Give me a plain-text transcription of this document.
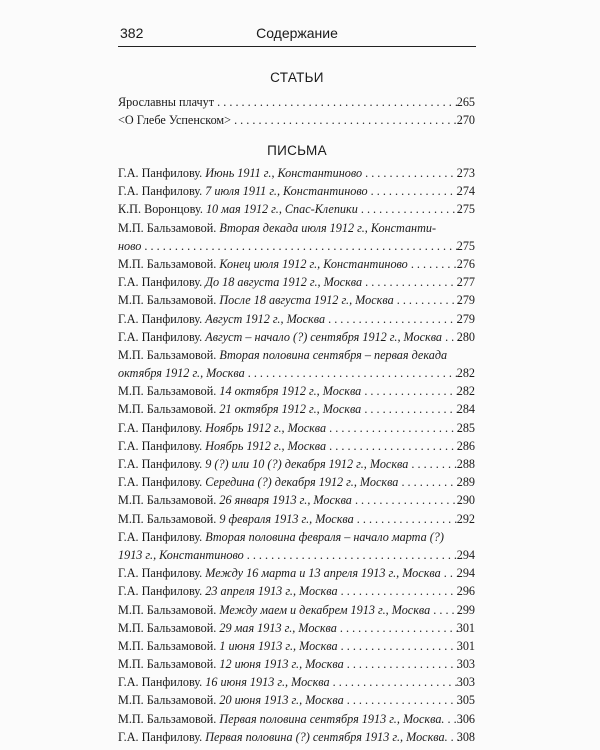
382	Содержание
СТАТЬИ
Ярославны плачут . . .	265
<О Глебе Успенском> . . .	270
ПИСЬМА
Г.А. Панфилову. Июнь 1911 г., Константиново . . .	273
Г.А. Панфилову. 7 июля 1911 г., Константиново . . .	274
К.П. Воронцову. 10 мая 1912 г., Спас-Клепики . . .	275
М.П. Бальзамовой. Вторая декада июля 1912 г., Константи-
ново . . .	275
М.П. Бальзамовой. Конец июля 1912 г., Константиново . . .	276
Г.А. Панфилову. До 18 августа 1912 г., Москва . . .	277
М.П. Бальзамовой. После 18 августа 1912 г., Москва . . .	279
Г.А. Панфилову. Август 1912 г., Москва . . .	279
Г.А. Панфилову. Август – начало (?) сентября 1912 г., Москва . . .	280
М.П. Бальзамовой. Вторая половина сентября – первая декада
октября 1912 г., Москва . . .	282
М.П. Бальзамовой. 14 октября 1912 г., Москва . . .	282
М.П. Бальзамовой. 21 октября 1912 г., Москва . . .	284
Г.А. Панфилову. Ноябрь 1912 г., Москва . . .	285
Г.А. Панфилову. Ноябрь 1912 г., Москва . . .	286
Г.А. Панфилову. 9 (?) или 10 (?) декабря 1912 г., Москва . . .	288
Г.А. Панфилову. Середина (?) декабря 1912 г., Москва . . .	289
М.П. Бальзамовой. 26 января 1913 г., Москва . . .	290
М.П. Бальзамовой. 9 февраля 1913 г., Москва . . .	292
Г.А. Панфилову. Вторая половина февраля – начало марта (?)
1913 г., Константиново . . .	294
Г.А. Панфилову. Между 16 марта и 13 апреля 1913 г., Москва . . .	294
Г.А. Панфилову. 23 апреля 1913 г., Москва . . .	296
М.П. Бальзамовой. Между маем и декабрем 1913 г., Москва . . .	299
М.П. Бальзамовой. 29 мая 1913 г., Москва . . .	301
М.П. Бальзамовой. 1 июня 1913 г., Москва . . .	301
М.П. Бальзамовой. 12 июня 1913 г., Москва . . .	303
Г.А. Панфилову. 16 июня 1913 г., Москва . . .	303
М.П. Бальзамовой. 20 июня 1913 г., Москва . . .	305
М.П. Бальзамовой. Первая половина сентября 1913 г., Москва. . . .	306
Г.А. Панфилову. Первая половина (?) сентября 1913 г., Москва. . . . 308
